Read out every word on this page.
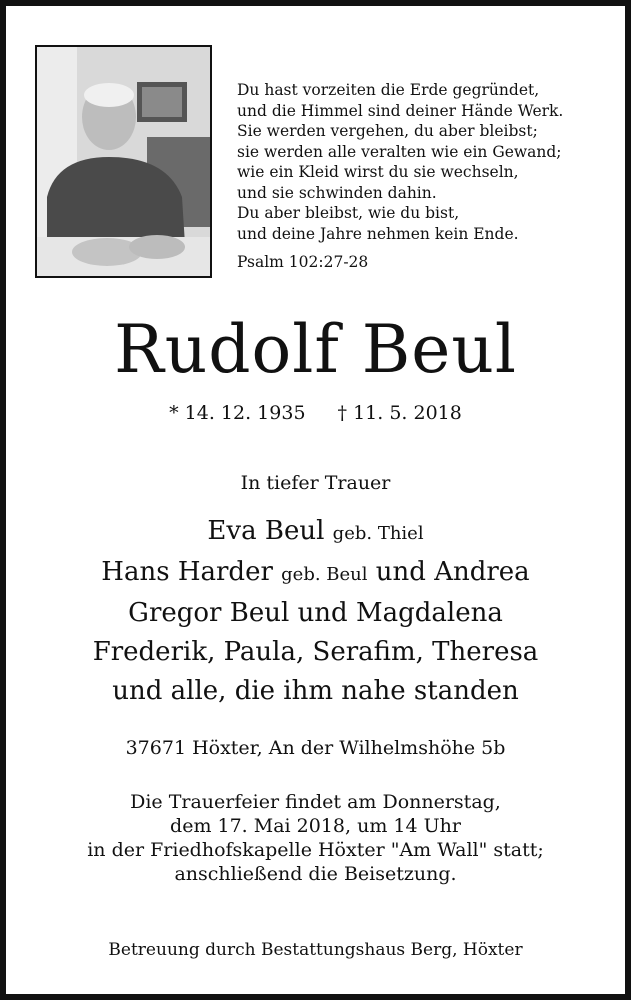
Du hast vorzeiten die Erde gegründet,
und die Himmel sind deiner Hände Werk.
Sie werden vergehen, du aber bleibst;
sie werden alle veralten wie ein Gewand;
wie ein Kleid wirst du sie wechseln,
und sie schwinden dahin.
Du aber bleibst, wie du bist,
und deine Jahre nehmen kein Ende.
Psalm 102:27-28
Rudolf Beul
* 14. 12. 1935 † 11. 5. 2018
In tiefer Trauer
Eva Beul geb. Thiel
Hans Harder geb. Beul und Andrea
Gregor Beul und Magdalena
Frederik, Paula, Serafim, Theresa
und alle, die ihm nahe standen
37671 Höxter, An der Wilhelmshöhe 5b
Die Trauerfeier findet am Donnerstag,
dem 17. Mai 2018, um 14 Uhr
in der Friedhofskapelle Höxter "Am Wall" statt;
anschließend die Beisetzung.
Betreuung durch Bestattungshaus Berg, Höxter
